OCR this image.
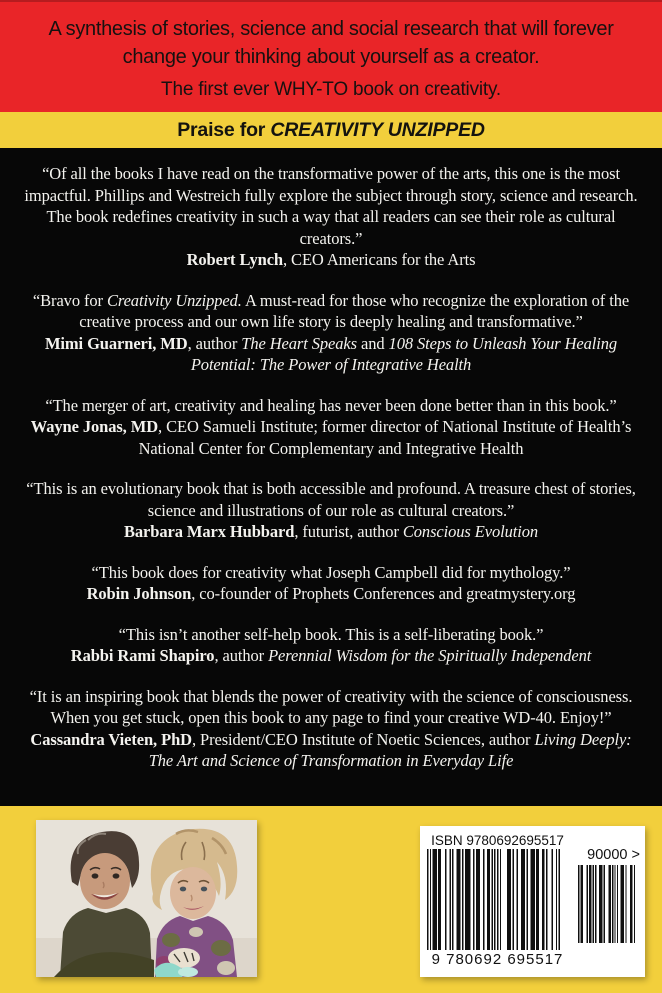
A synthesis of stories, science and social research that will forever change your thinking about yourself as a creator.

The first ever WHY-TO book on creativity.

Praise for CREATIVITY UNZIPPED

“Of all the books I have read on the transformative power of the arts, this one is the most impactful. Phillips and Westreich fully explore the subject through story, science and research. The book redefines creativity in such a way that all readers can see their role as cultural creators.”

Robert Lynch, CEO Americans for the Arts

“Bravo for Creativity Unzipped. A must-read for those who recognize the exploration of the creative process and our own life story is deeply healing and transformative.”

Mimi Guarneri, MD, author The Heart Speaks and 108 Steps to Unleash Your Healing Potential: The Power of Integrative Health

“The merger of art, creativity and healing has never been done better than in this book.”

Wayne Jonas, MD, CEO Samueli Institute; former director of National Institute of Health’s National Center for Complementary and Integrative Health

“This is an evolutionary book that is both accessible and profound. A treasure chest of stories, science and illustrations of our role as cultural creators.”

Barbara Marx Hubbard, futurist, author Conscious Evolution

“This book does for creativity what Joseph Campbell did for mythology.”

Robin Johnson, co-founder of Prophets Conferences and greatmystery.org

“This isn’t another self-help book. This is a self-liberating book.”

Rabbi Rami Shapiro, author Perennial Wisdom for the Spiritually Independent

“It is an inspiring book that blends the power of creativity with the science of consciousness. When you get stuck, open this book to any page to find your creative WD-40. Enjoy!”

Cassandra Vieten, PhD, President/CEO Institute of Noetic Sciences, author Living Deeply: The Art and Science of Transformation in Everyday Life

ISBN 9780692695517
9 780692 695517
90000 >
